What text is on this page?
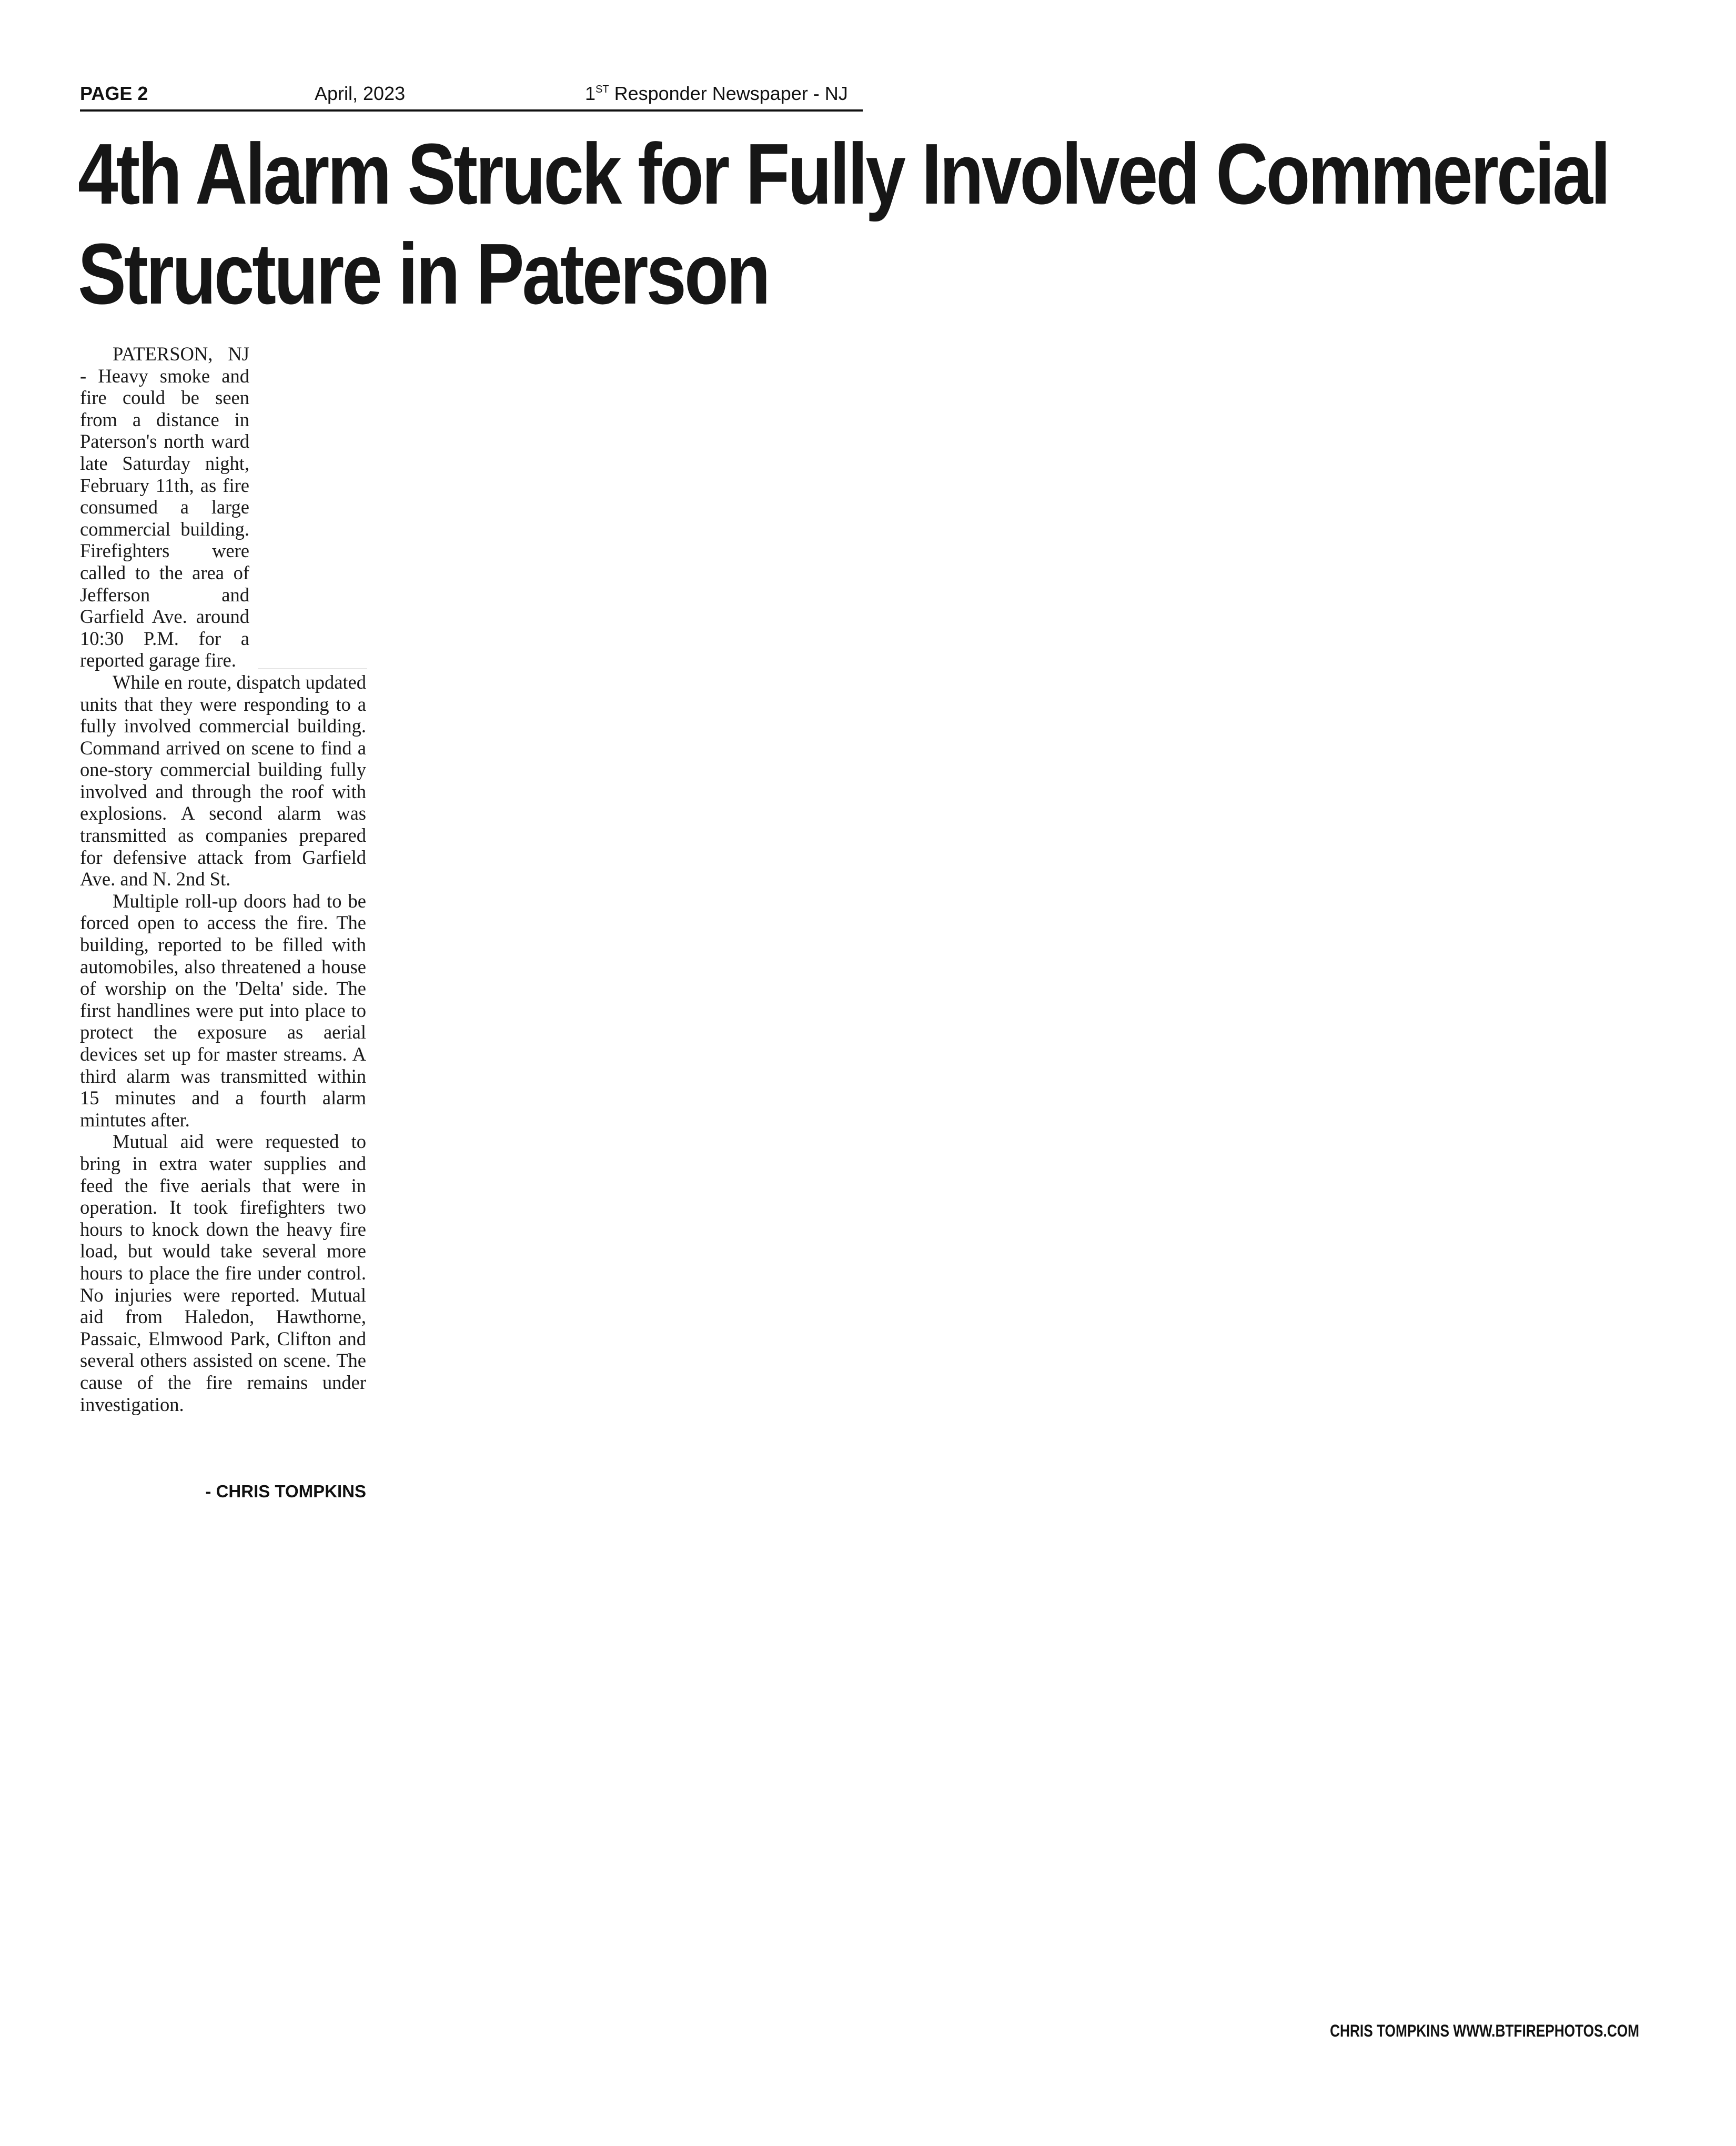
PAGE 2	April, 2023	1ST Responder Newspaper - NJ
4th Alarm Struck for Fully Involved Commercial
Structure in Paterson

PATERSON, NJ - Heavy smoke and fire could be seen from a distance in Paterson's north ward late Saturday night, February 11th, as fire consumed a large commercial building. Firefighters were called to the area of Jefferson and Garfield Ave. around 10:30 P.M. for a reported garage fire.

While en route, dispatch updated units that they were responding to a fully involved commercial building. Command arrived on scene to find a one-story commercial building fully involved and through the roof with explosions. A second alarm was transmitted as companies prepared for defensive attack from Garfield Ave. and N. 2nd St.

Multiple roll-up doors had to be forced open to access the fire. The building, reported to be filled with automobiles, also threatened a house of worship on the 'Delta' side. The first handlines were put into place to protect the exposure as aerial devices set up for master streams. A third alarm was transmitted within 15 minutes and a fourth alarm mintutes after.

Mutual aid were requested to bring in extra water supplies and feed the five aerials that were in operation. It took firefighters two hours to knock down the heavy fire load, but would take several more hours to place the fire under control. No injuries were reported. Mutual aid from Haledon, Hawthorne, Passaic, Elmwood Park, Clifton and several others assisted on scene. The cause of the fire remains under investigation.

- CHRIS TOMPKINS
CHRIS TOMPKINS WWW.BTFIREPHOTOS.COM
